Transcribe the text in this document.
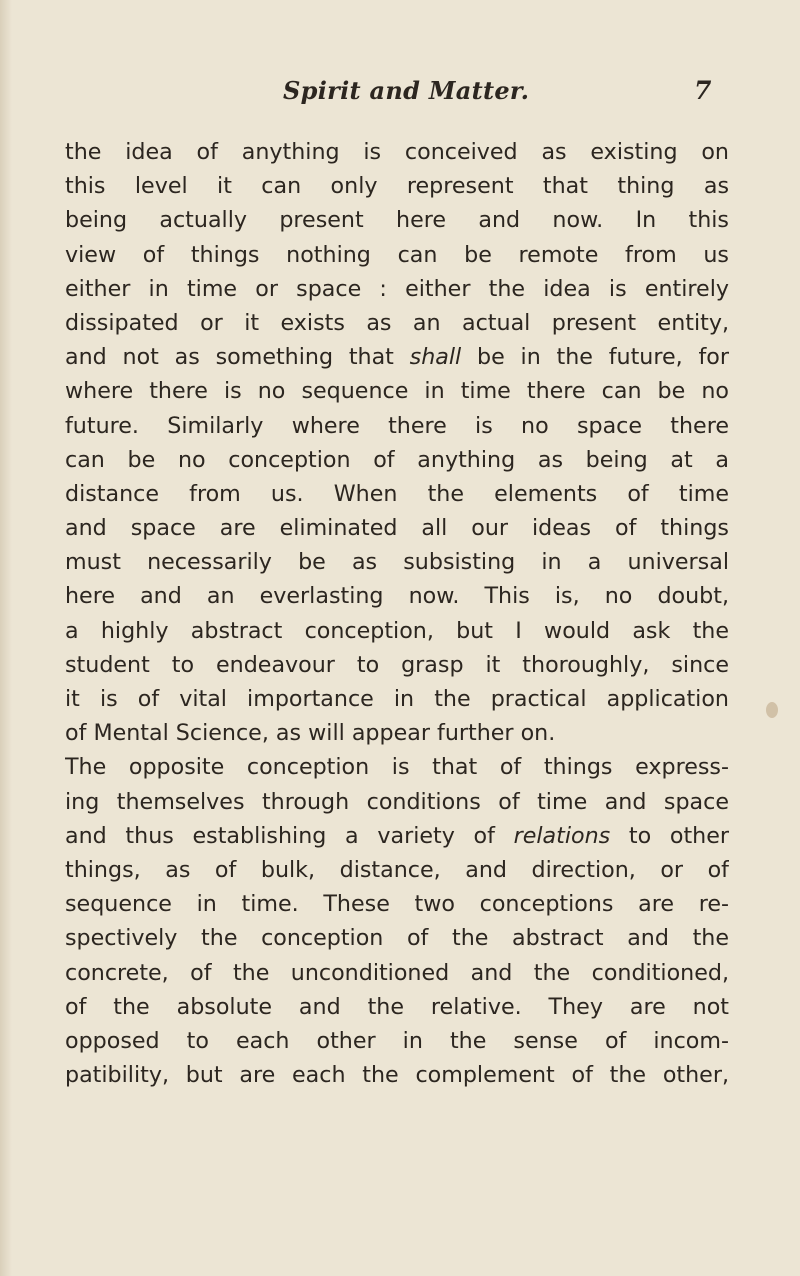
Spirit and Matter.	7
the idea of anything is conceived as existing on
this level it can only represent that thing as
being actually present here and now. In this
view of things nothing can be remote from us
either in time or space : either the idea is entirely
dissipated or it exists as an actual present entity,
and not as something that shall be in the future, for
where there is no sequence in time there can be no
future. Similarly where there is no space there
can be no conception of anything as being at a
distance from us. When the elements of time
and space are eliminated all our ideas of things
must necessarily be as subsisting in a universal
here and an everlasting now. This is, no doubt,
a highly abstract conception, but I would ask the
student to endeavour to grasp it thoroughly, since
it is of vital importance in the practical application
of Mental Science, as will appear further on.
The opposite conception is that of things express-
ing themselves through conditions of time and space
and thus establishing a variety of relations to other
things, as of bulk, distance, and direction, or of
sequence in time. These two conceptions are re-
spectively the conception of the abstract and the
concrete, of the unconditioned and the conditioned,
of the absolute and the relative. They are not
opposed to each other in the sense of incom-
patibility, but are each the complement of the other,
